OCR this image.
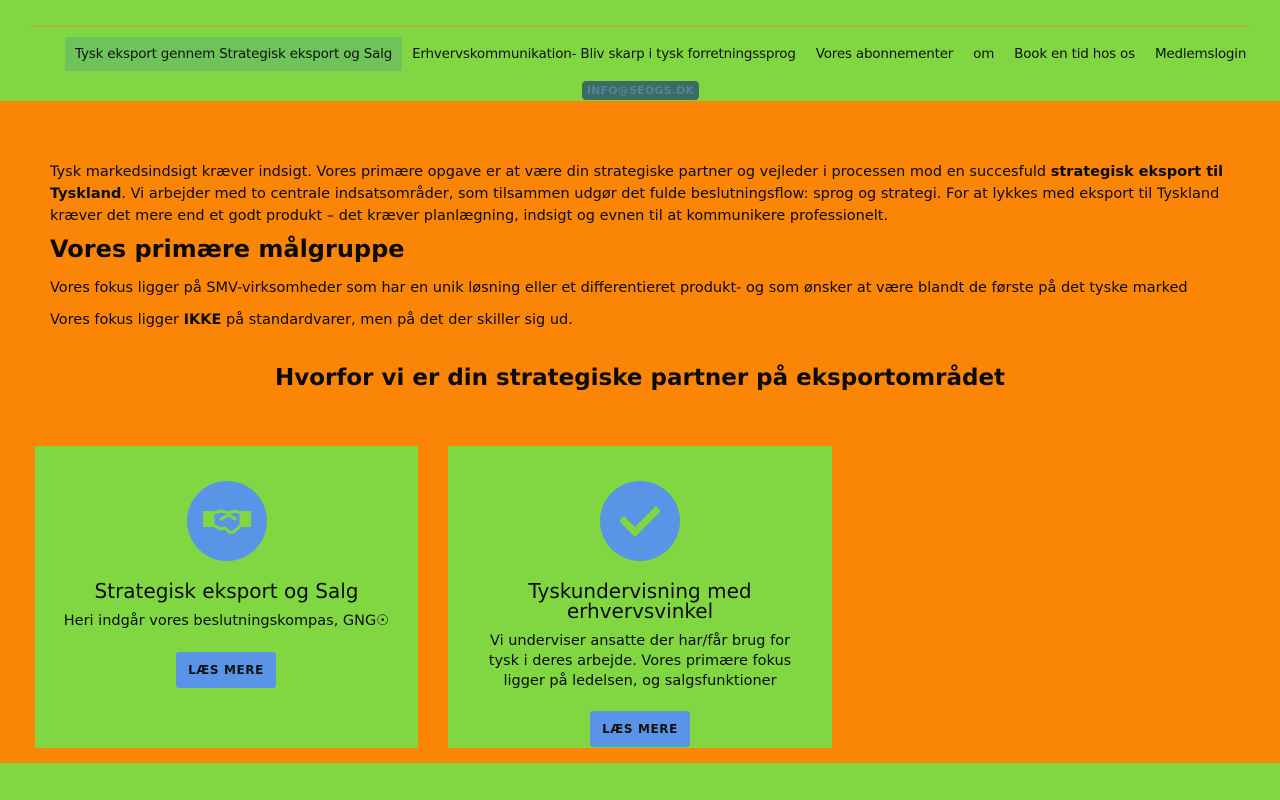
Tysk eksport gennem Strategisk eksport og Salg	Erhvervskommunikation- Bliv skarp i tysk forretningssprog	Vores abonnementer	om	Book en tid hos os	Medlemslogin
INFO@SEOGS.DK

Tysk markedsindsigt kræver indsigt. Vores primære opgave er at være din strategiske partner og vejleder i processen mod en succesfuld strategisk eksport til Tyskland. Vi arbejder med to centrale indsatsområder, som tilsammen udgør det fulde beslutningsflow: sprog og strategi. For at lykkes med eksport til Tyskland kræver det mere end et godt produkt – det kræver planlægning, indsigt og evnen til at kommunikere professionelt.

Vores primære målgruppe

Vores fokus ligger på SMV-virksomheder som har en unik løsning eller et differentieret produkt- og som ønsker at være blandt de første på det tyske marked

Vores fokus ligger IKKE på standardvarer, men på det der skiller sig ud.

Hvorfor vi er din strategiske partner på eksportområdet
Strategisk eksport og Salg
Heri indgår vores beslutningskompas, GNG☉
LÆS MERE
Tyskundervisning med erhvervsvinkel
Vi underviser ansatte der har/får brug for tysk i deres arbejde. Vores primære fokus ligger på ledelsen, og salgsfunktioner
LÆS MERE
